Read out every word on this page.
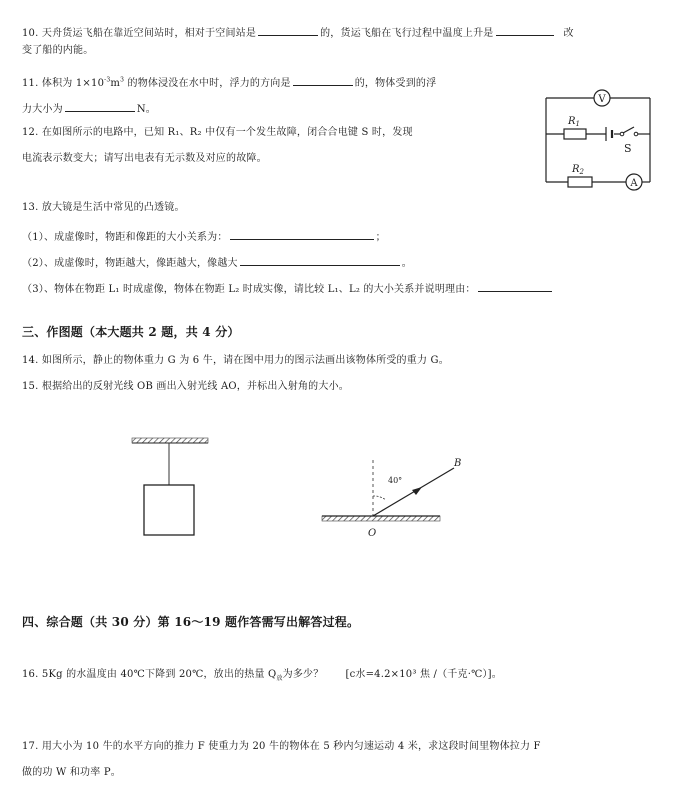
10. 天舟货运飞船在靠近空间站时，相对于空间站是	的，货运飞船在飞行过程中温度上升是	改
变了船的内能。
11. 体积为 $1\times 10^{-3}m^3$ 的物体浸没在水中时，浮力的方向是	的，物体受到的浮
力大小为	N。
12. 在如图所示的电路中，已知 R₁、R₂ 中仅有一个发生故障，闭合合电键 S 时，发现
电流表示数变大；请写出电表有无示数及对应的故障。
V
$R_1$
S
$R_2$
A
13. 放大镜是生活中常见的凸透镜。
（1）、成虚像时，物距和像距的大小关系为：	；
（2）、成虚像时，物距越大，像距越大，像越大	。
（3）、物体在物距 L₁ 时成虚像，物体在物距 L₂ 时成实像，请比较 L₁、L₂ 的大小关系并说明理由：
三、作图题（本大题共 2 题，共 4 分）
14. 如图所示，静止的物体重力 G 为 6 牛，请在图中用力的图示法画出该物体所受的重力 G。
15. 根据给出的反射光线 OB 画出入射光线 AO，并标出入射角的大小。
40°
B
O
四、综合题（共 30 分）第 16～19 题作答需写出解答过程。
16. 5Kg 的水温度由 40℃下降到 20℃，放出的热量 $Q_放$为多少？ [c水=4.2×10³ 焦 /（千克·℃）]。
17. 用大小为 10 牛的水平方向的推力 F 使重力为 20 牛的物体在 5 秒内匀速运动 4 米，求这段时间里物体拉力 F
做的功 W 和功率 P。
